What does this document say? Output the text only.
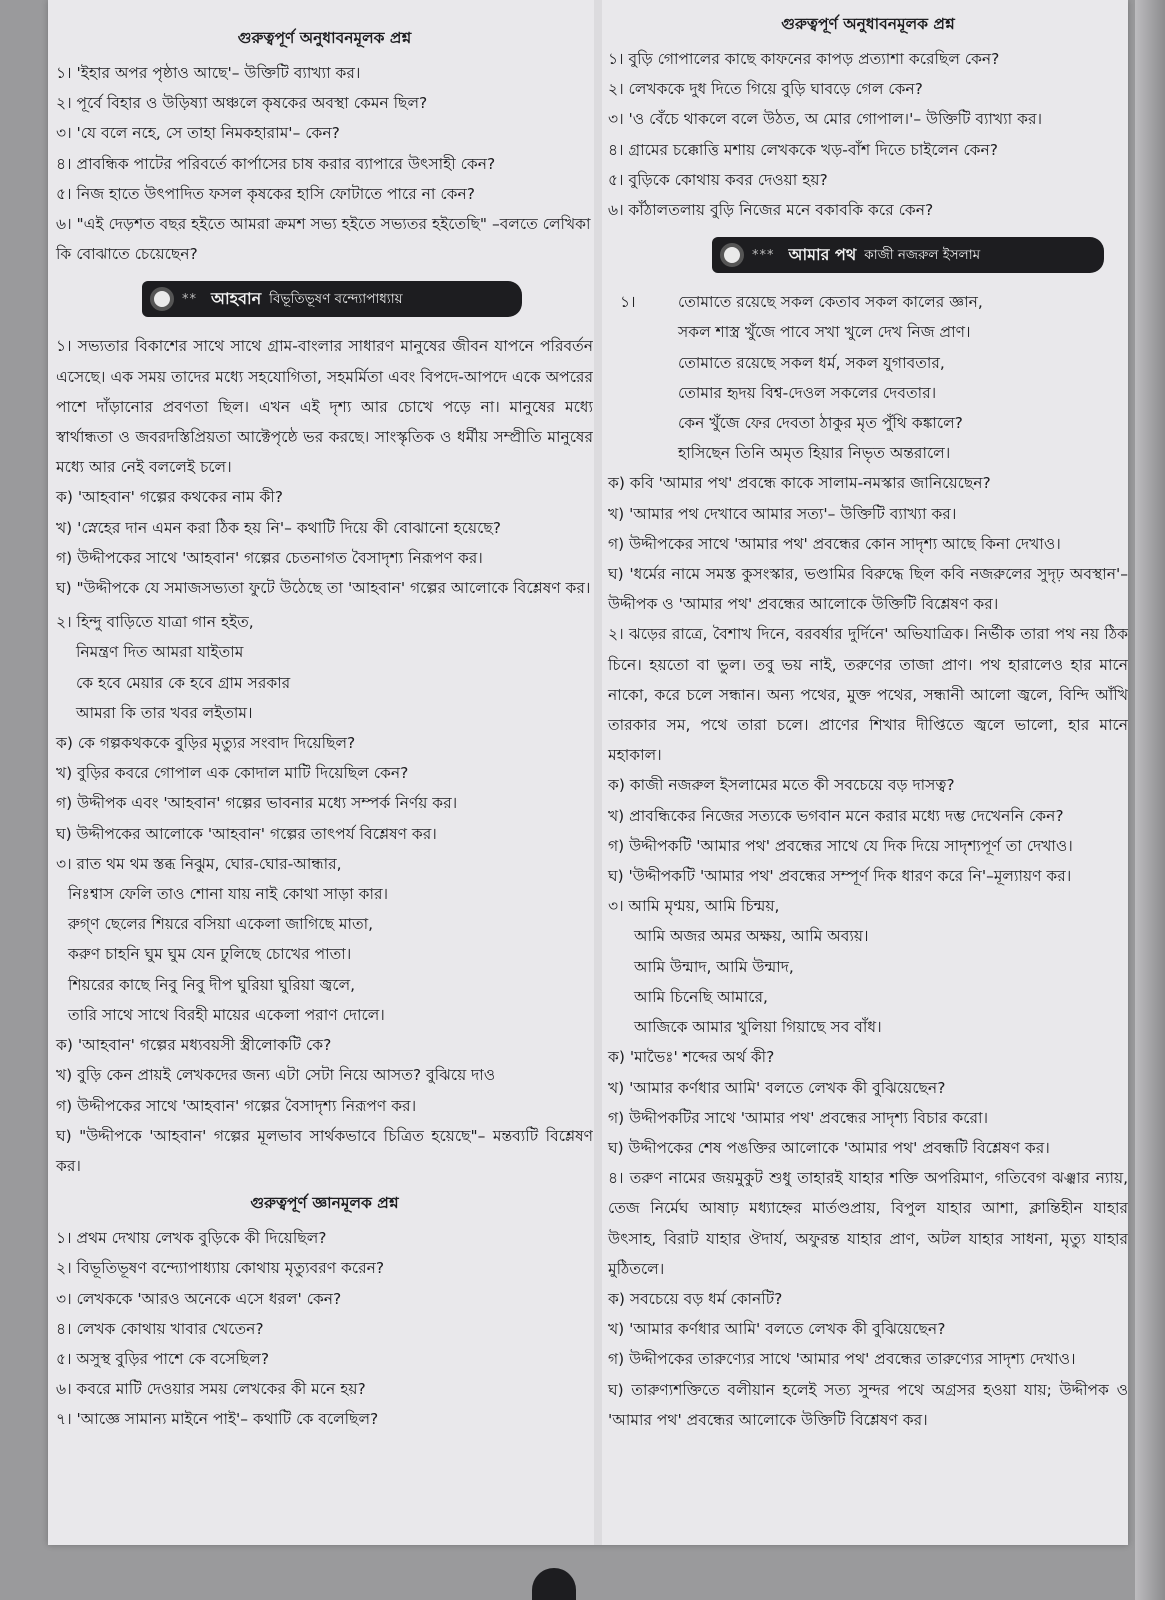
গুরুত্বপূর্ণ অনুধাবনমূলক প্রশ্ন

১। 'ইহার অপর পৃষ্ঠাও আছে'– উক্তিটি ব্যাখ্যা কর।

২। পূর্বে বিহার ও উড়িষ্যা অঞ্চলে কৃষকের অবস্থা কেমন ছিল?

৩। 'যে বলে নহে, সে তাহা নিমকহারাম'– কেন?

৪। প্রাবন্ধিক পাটের পরিবর্তে কার্পাসের চাষ করার ব্যাপারে উৎসাহী কেন?

৫। নিজ হাতে উৎপাদিত ফসল কৃষকের হাসি ফোটাতে পারে না কেন?

৬। "এই দেড়শত বছর হইতে আমরা ক্রমশ সভ্য হইতে সভ্যতর হইতেছি" –বলতে লেখিকা কি বোঝাতে চেয়েছেন?

** আহবান বিভূতিভূষণ বন্দ্যোপাধ্যায়

১। সভ্যতার বিকাশের সাথে সাথে গ্রাম-বাংলার সাধারণ মানুষের জীবন যাপনে পরিবর্তন এসেছে। এক সময় তাদের মধ্যে সহযোগিতা, সহমর্মিতা এবং বিপদে-আপদে একে অপরের পাশে দাঁড়ানোর প্রবণতা ছিল। এখন এই দৃশ্য আর চোখে পড়ে না। মানুষের মধ্যে স্বার্থান্ধতা ও জবরদস্তিপ্রিয়তা আক্টেপৃষ্ঠে ভর করছে। সাংস্কৃতিক ও ধর্মীয় সম্প্রীতি মানুষের মধ্যে আর নেই বললেই চলে।

ক) 'আহবান' গল্পের কথকের নাম কী?

খ) 'স্নেহের দান এমন করা ঠিক হয় নি'– কথাটি দিয়ে কী বোঝানো হয়েছে?

গ) উদ্দীপকের সাথে 'আহবান' গল্পের চেতনাগত বৈসাদৃশ্য নিরূপণ কর।

ঘ) "উদ্দীপকে যে সমাজসভ্যতা ফুটে উঠেছে তা 'আহবান' গল্পের আলোকে বিশ্লেষণ কর।

২। হিন্দু বাড়িতে যাত্রা গান হইত,

নিমন্ত্রণ দিত আমরা যাইতাম
কে হবে মেয়ার কে হবে গ্রাম সরকার
আমরা কি তার খবর লইতাম।

ক) কে গল্পকথককে বুড়ির মৃত্যুর সংবাদ দিয়েছিল?

খ) বুড়ির কবরে গোপাল এক কোদাল মাটি দিয়েছিল কেন?

গ) উদ্দীপক এবং 'আহবান' গল্পের ভাবনার মধ্যে সম্পর্ক নির্ণয় কর।

ঘ) উদ্দীপকের আলোকে 'আহবান' গল্পের তাৎপর্য বিশ্লেষণ কর।

৩। রাত থম থম স্তব্ধ নিঝুম, ঘোর-ঘোর-আন্ধার,

নিঃশ্বাস ফেলি তাও শোনা যায় নাই কোথা সাড়া কার।
রুগ্ণ ছেলের শিয়রে বসিয়া একেলা জাগিছে মাতা,
করুণ চাহনি ঘুম ঘুম যেন ঢুলিছে চোখের পাতা।
শিয়রের কাছে নিবু নিবু দীপ ঘুরিয়া ঘুরিয়া জ্বলে,
তারি সাথে সাথে বিরহী মায়ের একেলা পরাণ দোলে।

ক) 'আহবান' গল্পের মধ্যবয়সী স্ত্রীলোকটি কে?

খ) বুড়ি কেন প্রায়ই লেখকদের জন্য এটা সেটা নিয়ে আসত? বুঝিয়ে দাও

গ) উদ্দীপকের সাথে 'আহবান' গল্পের বৈসাদৃশ্য নিরূপণ কর।

ঘ) "উদ্দীপকে 'আহবান' গল্পের মূলভাব সার্থকভাবে চিত্রিত হয়েছে"– মন্তব্যটি বিশ্লেষণ কর।

গুরুত্বপূর্ণ জ্ঞানমূলক প্রশ্ন

১। প্রথম দেখায় লেখক বুড়িকে কী দিয়েছিল?

২। বিভূতিভূষণ বন্দ্যোপাধ্যায় কোথায় মৃত্যুবরণ করেন?

৩। লেখককে 'আরও অনেকে এসে ধরল' কেন?

৪। লেখক কোথায় খাবার খেতেন?

৫। অসুস্থ বুড়ির পাশে কে বসেছিল?

৬। কবরে মাটি দেওয়ার সময় লেখকের কী মনে হয়?

৭। 'আজ্ঞে সামান্য মাইনে পাই'– কথাটি কে বলেছিল?

গুরুত্বপূর্ণ অনুধাবনমূলক প্রশ্ন

১। বুড়ি গোপালের কাছে কাফনের কাপড় প্রত্যাশা করেছিল কেন?

২। লেখককে দুধ দিতে গিয়ে বুড়ি ঘাবড়ে গেল কেন?

৩। 'ও বেঁচে থাকলে বলে উঠত, অ মোর গোপাল।'– উক্তিটি ব্যাখ্যা কর।

৪। গ্রামের চক্কোত্তি মশায় লেখককে খড়-বাঁশ দিতে চাইলেন কেন?

৫। বুড়িকে কোথায় কবর দেওয়া হয়?

৬। কাঁঠালতলায় বুড়ি নিজের মনে বকাবকি করে কেন?

*** আমার পথ কাজী নজরুল ইসলাম
১।	তোমাতে রয়েছে সকল কেতাব সকল কালের জ্ঞান,
সকল শাস্ত্র খুঁজে পাবে সখা খুলে দেখ নিজ প্রাণ।
তোমাতে রয়েছে সকল ধর্ম, সকল যুগাবতার,
তোমার হৃদয় বিশ্ব-দেওল সকলের দেবতার।
কেন খুঁজে ফের দেবতা ঠাকুর মৃত পুঁথি কঙ্কালে?
হাসিছেন তিনি অমৃত হিয়ার নিভৃত অন্তরালে।

ক) কবি 'আমার পথ' প্রবন্ধে কাকে সালাম-নমস্কার জানিয়েছেন?

খ) 'আমার পথ দেখাবে আমার সত্য'– উক্তিটি ব্যাখ্যা কর।

গ) উদ্দীপকের সাথে 'আমার পথ' প্রবন্ধের কোন সাদৃশ্য আছে কিনা দেখাও।

ঘ) 'ধর্মের নামে সমস্ত কুসংস্কার, ভণ্ডামির বিরুদ্ধে ছিল কবি নজরুলের সুদৃঢ় অবস্থান'– উদ্দীপক ও 'আমার পথ' প্রবন্ধের আলোকে উক্তিটি বিশ্লেষণ কর।

২। ঝড়ের রাত্রে, বৈশাখ দিনে, বরবর্ষার দুর্দিনে' অভিযাত্রিক। নির্ভীক তারা পথ নয় ঠিক চিনে। হয়তো বা ভুল। তবু ভয় নাই, তরুণের তাজা প্রাণ। পথ হারালেও হার মানে নাকো, করে চলে সন্ধান। অন্য পথের, মুক্ত পথের, সন্ধানী আলো জ্বলে, বিন্দি আঁখি তারকার সম, পথে তারা চলে। প্রাণের শিখার দীপ্তিতে জ্বলে ভালো, হার মানে মহাকাল।

ক) কাজী নজরুল ইসলামের মতে কী সবচেয়ে বড় দাসত্ব?

খ) প্রাবন্ধিকের নিজের সত্যকে ভগবান মনে করার মধ্যে দম্ভ দেখেননি কেন?

গ) উদ্দীপকটি 'আমার পথ' প্রবন্ধের সাথে যে দিক দিয়ে সাদৃশ্যপূর্ণ তা দেখাও।

ঘ) 'উদ্দীপকটি 'আমার পথ' প্রবন্ধের সম্পূর্ণ দিক ধারণ করে নি'–মূল্যায়ণ কর।

৩। আমি মৃণ্ময়, আমি চিন্ময়,

আমি অজর অমর অক্ষয়, আমি অব্যয়।
আমি উন্মাদ, আমি উন্মাদ,
আমি চিনেছি আমারে,
আজিকে আমার খুলিয়া গিয়াছে সব বাঁধ।

ক) 'মাভৈঃ' শব্দের অর্থ কী?

খ) 'আমার কর্ণধার আমি' বলতে লেখক কী বুঝিয়েছেন?

গ) উদ্দীপকটির সাথে 'আমার পথ' প্রবন্ধের সাদৃশ্য বিচার করো।

ঘ) উদ্দীপকের শেষ পঙক্তির আলোকে 'আমার পথ' প্রবন্ধটি বিশ্লেষণ কর।

৪। তরুণ নামের জয়মুকুট শুধু তাহারই যাহার শক্তি অপরিমাণ, গতিবেগ ঝঞ্ঝার ন্যায়, তেজ নির্মেঘ আষাঢ় মধ্যাহ্নের মার্তণ্ডপ্রায়, বিপুল যাহার আশা, ক্লান্তিহীন যাহার উৎসাহ, বিরাট যাহার ঔদার্য, অফুরন্ত যাহার প্রাণ, অটল যাহার সাধনা, মৃত্যু যাহার মুঠিতলে।

ক) সবচেয়ে বড় ধর্ম কোনটি?

খ) 'আমার কর্ণধার আমি' বলতে লেখক কী বুঝিয়েছেন?

গ) উদ্দীপকের তারুণ্যের সাথে 'আমার পথ' প্রবন্ধের তারুণ্যের সাদৃশ্য দেখাও।

ঘ) তারুণ্যশক্তিতে বলীয়ান হলেই সত্য সুন্দর পথে অগ্রসর হওয়া যায়; উদ্দীপক ও 'আমার পথ' প্রবন্ধের আলোকে উক্তিটি বিশ্লেষণ কর।
